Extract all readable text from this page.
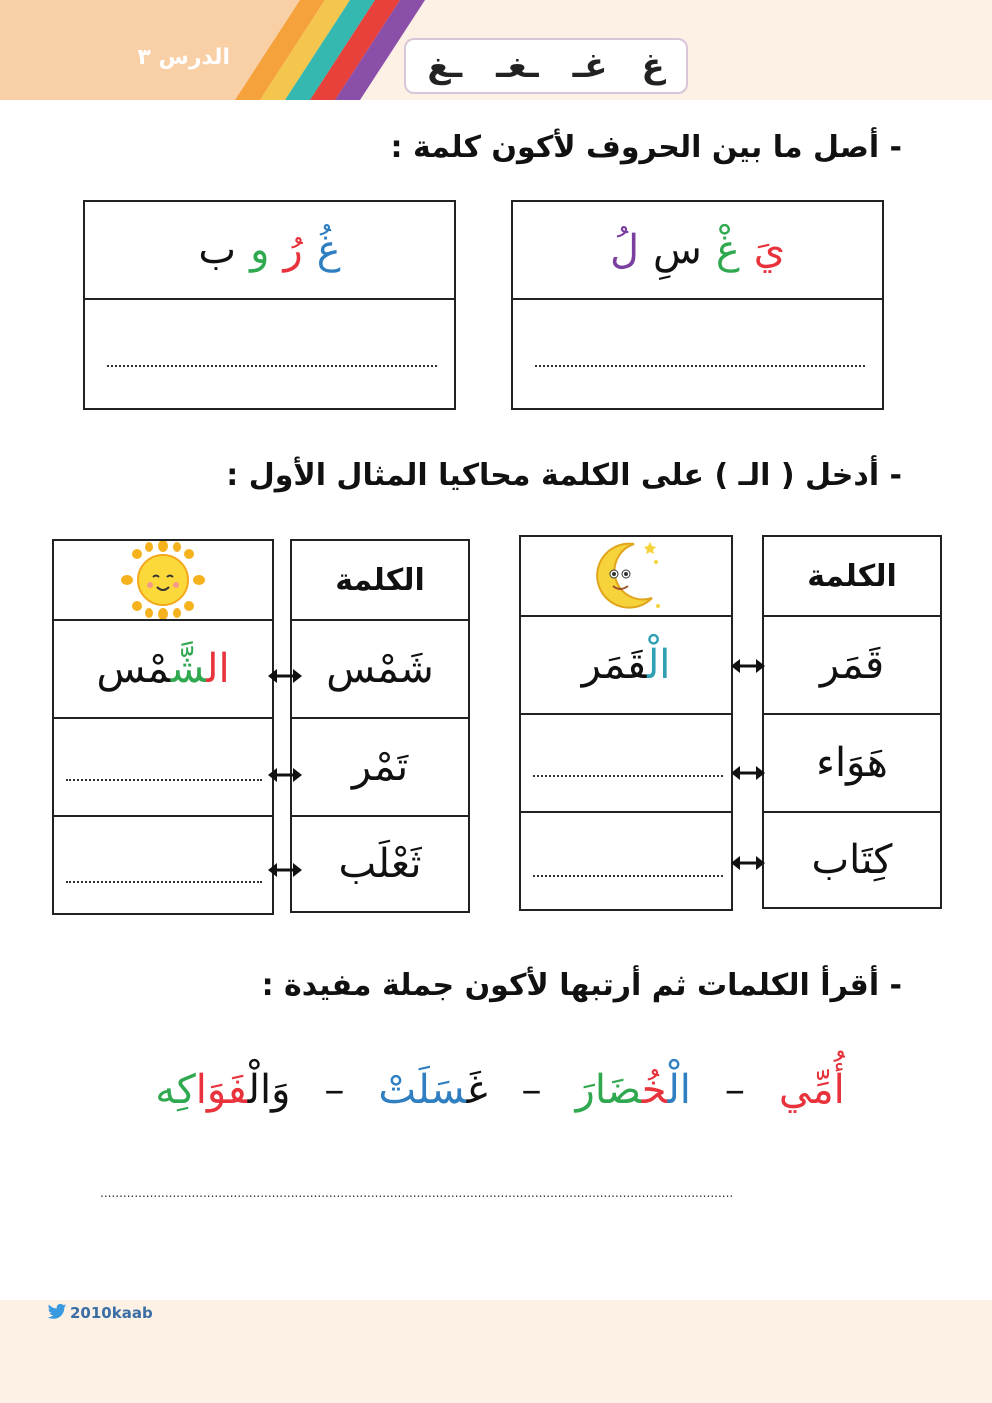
الدرس ٣	غ
غـ
ـغـ
ـغ
- أصل ما بين الحروف لأكون كلمة :
يَ
غْ
سِ
لُ
غُ
رُ
و
ب
- أدخل ( الـ ) على الكلمة محاكيا المثال الأول :
الكلمة
قَمَر
هَوَاء
كِتَاب
الْقَمَر
الكلمة
شَمْس
تَمْر
ثَعْلَب
الشَّمْس
- أقرأ الكلمات ثم أرتبها لأكون جملة مفيدة :
أُمِّي
–
الْخُضَارَ
–
غَسَلَتْ
–
وَالْفَوَاكِه
......................................................................................................................................................................
2010kaab
